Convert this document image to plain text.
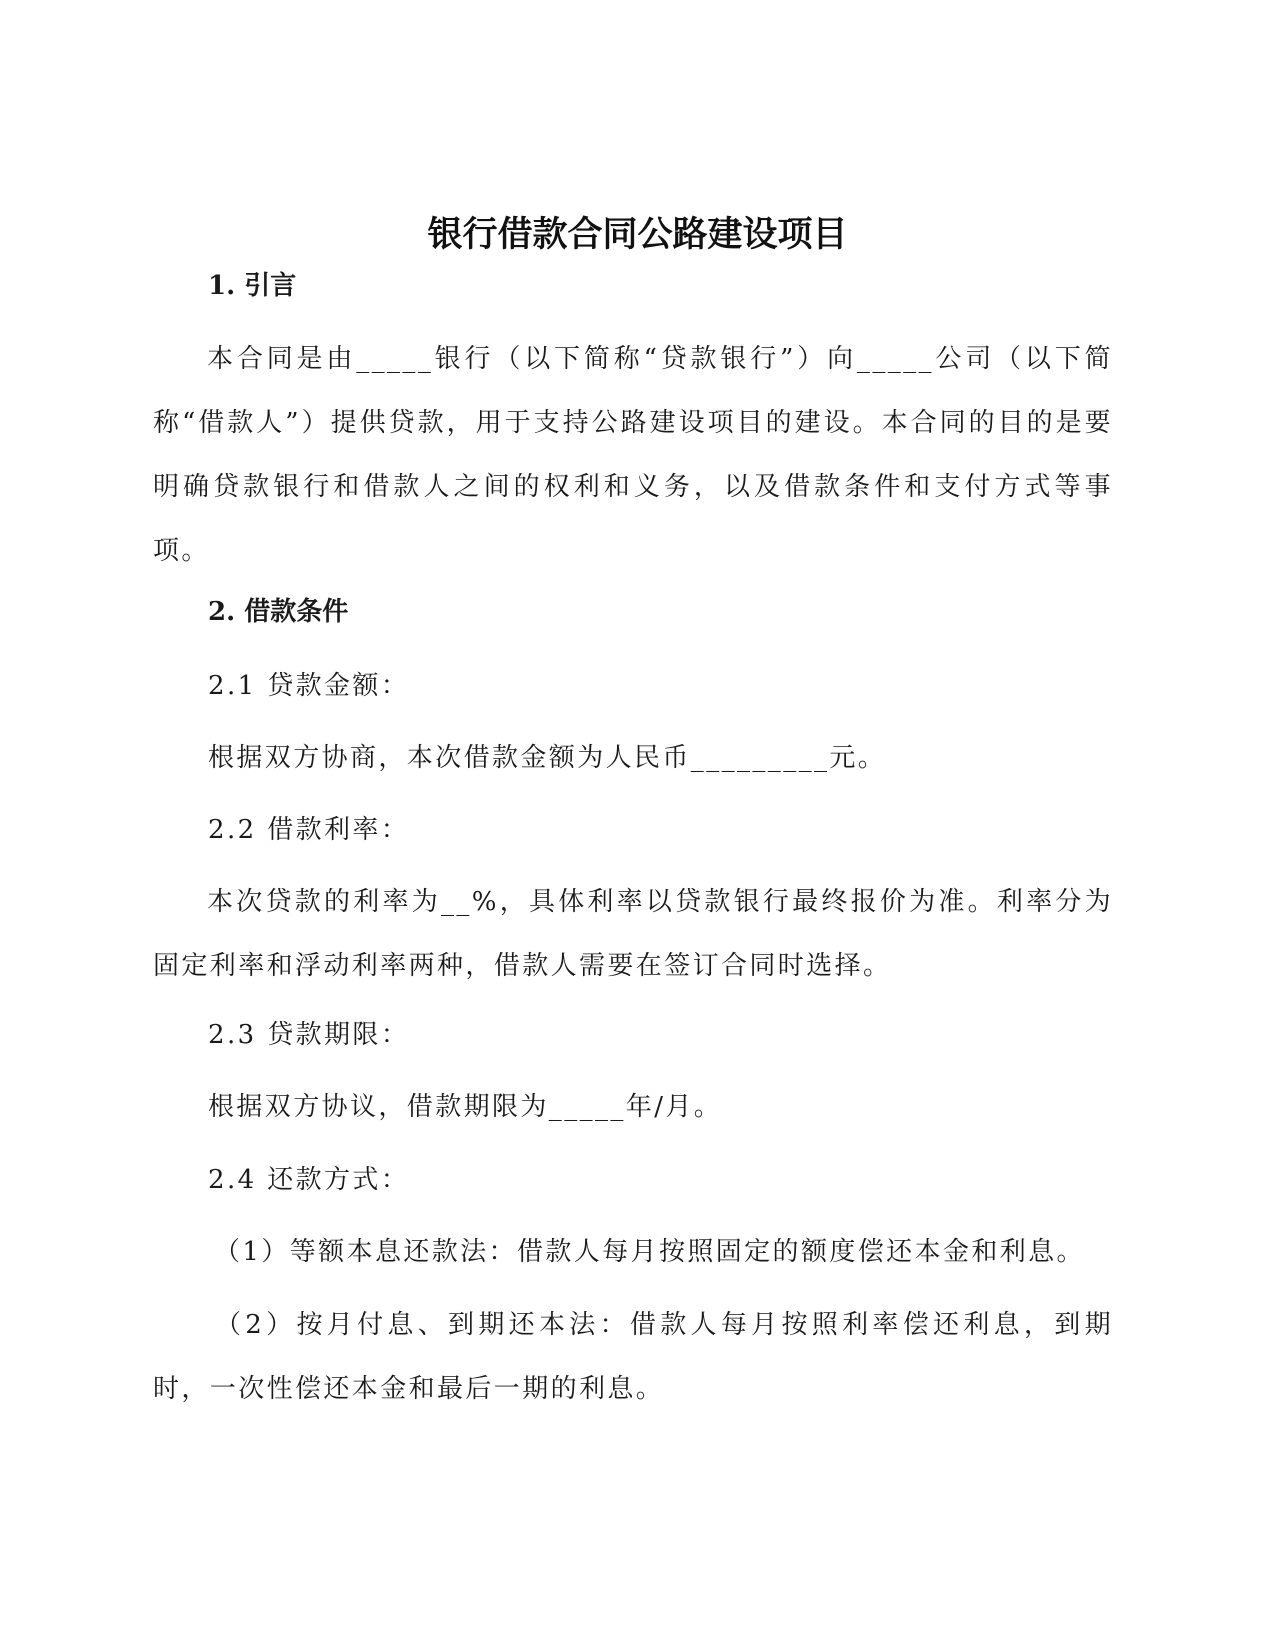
银行借款合同公路建设项目
1. 引言

本合同是由_____银行（以下简称“贷款银行”）向_____公司（以下简称“借款人”）提供贷款，用于支持公路建设项目的建设。本合同的目的是要明确贷款银行和借款人之间的权利和义务，以及借款条件和支付方式等事项。

2. 借款条件

2.1 贷款金额：

根据双方协商，本次借款金额为人民币_________元。

2.2 借款利率：

本次贷款的利率为__%，具体利率以贷款银行最终报价为准。利率分为固定利率和浮动利率两种，借款人需要在签订合同时选择。

2.3 贷款期限：

根据双方协议，借款期限为_____年/月。

2.4 还款方式：

（1）等额本息还款法：借款人每月按照固定的额度偿还本金和利息。

（2）按月付息、到期还本法：借款人每月按照利率偿还利息，到期时，一次性偿还本金和最后一期的利息。
